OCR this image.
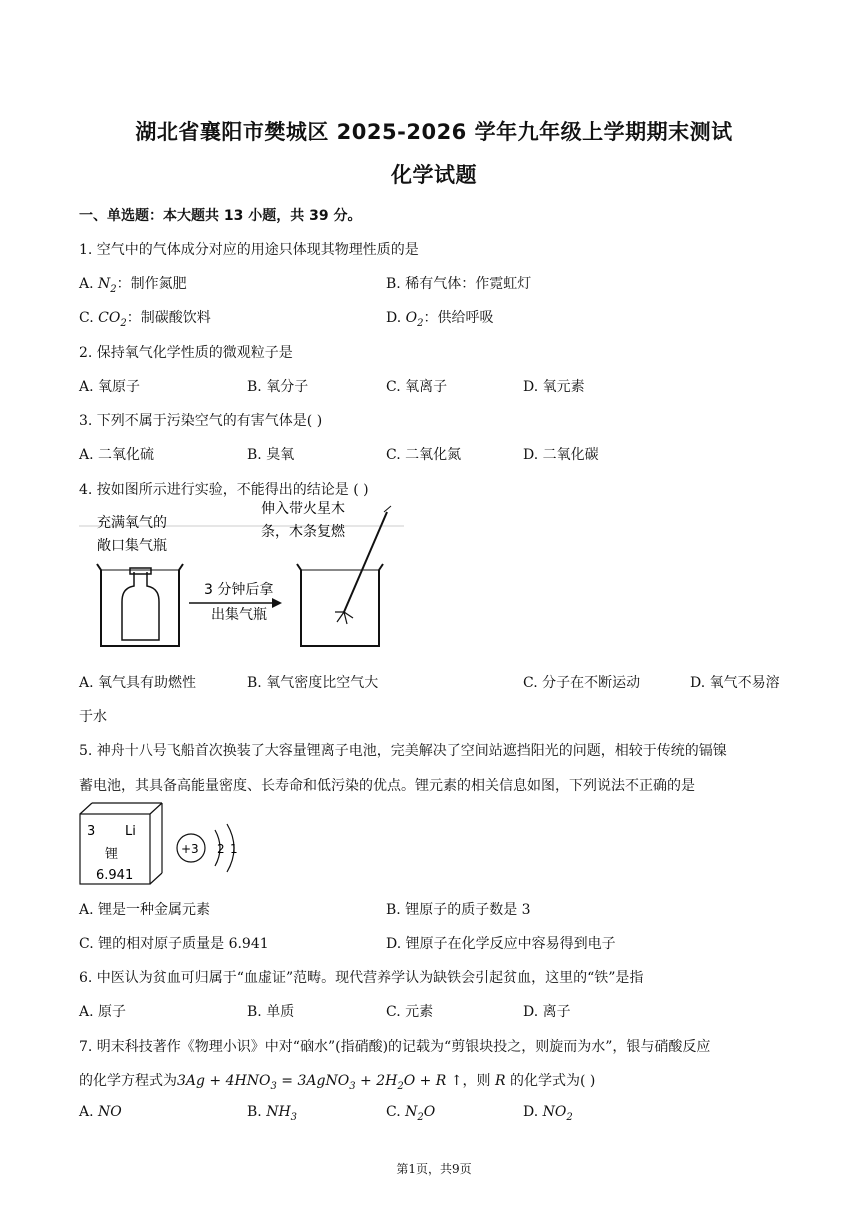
湖北省襄阳市樊城区 2025-2026 学年九年级上学期期末测试
化学试题
一、单选题：本大题共 13 小题，共 39 分。
1. 空气中的气体成分对应的用途只体现其物理性质的是
A. $N_2$：制作氮肥	B. 稀有气体：作霓虹灯
C. $CO_2$：制碳酸饮料	D. $O_2$：供给呼吸
2. 保持氧气化学性质的微观粒子是
A. 氧原子	B. 氧分子	C. 氧离子	D. 氧元素
3. 下列不属于污染空气的有害气体是( )
A. 二氧化硫	B. 臭氧	C. 二氧化氮	D. 二氧化碳
4. 按如图所示进行实验，不能得出的结论是 ( )
充满氧气的
敞口集气瓶
3 分钟后拿
出集气瓶
伸入带火星木
条，木条复燃
A. 氧气具有助燃性	B. 氧气密度比空气大	C. 分子在不断运动	D. 氧气不易溶
于水
5. 神舟十八号飞船首次换装了大容量锂离子电池，完美解决了空间站遮挡阳光的问题，相较于传统的镉镍
蓄电池，其具备高能量密度、长寿命和低污染的优点。锂元素的相关信息如图，下列说法不正确的是
3 Li
锂
6.941
+3 2 1
A. 锂是一种金属元素	B. 锂原子的质子数是 3
C. 锂的相对原子质量是 6.941	D. 锂原子在化学反应中容易得到电子
6. 中医认为贫血可归属于“血虚证”范畴。现代营养学认为缺铁会引起贫血，这里的“铁”是指
A. 原子	B. 单质	C. 元素	D. 离子
7. 明末科技著作《物理小识》中对“硇水”(指硝酸)的记载为“剪银块投之，则旋而为水”，银与硝酸反应
的化学方程式为$3Ag + 4HNO_3$ = 3AgNO$_3$ + $2H_2O + R$ ↑，则 R 的化学式为( )
A. NO	B. $NH_3$	C. $N_2O$	D. $NO_2$
第1页，共9页
